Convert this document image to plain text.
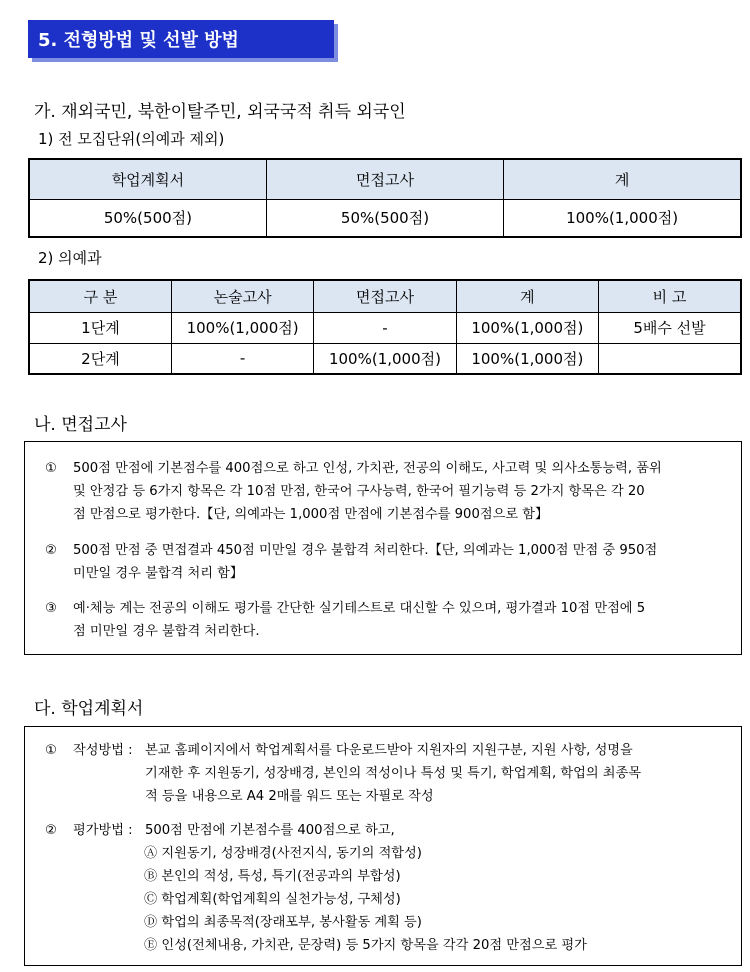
5. 전형방법 및 선발 방법
가. 재외국민, 북한이탈주민, 외국국적 취득 외국인
1) 전 모집단위(의예과 제외)
학업계획서	면접고사	계
50%(500점)	50%(500점)	100%(1,000점)
2) 의예과
구 분	논술고사	면접고사	계	비 고
1단계	100%(1,000점)	-	100%(1,000점)	5배수 선발
2단계	-	100%(1,000점)	100%(1,000점)	
나. 면접고사
① 500점 만점에 기본점수를 400점으로 하고 인성, 가치관, 전공의 이해도, 사고력 및 의사소통능력, 품위
및 안정감 등 6가지 항목은 각 10점 만점, 한국어 구사능력, 한국어 필기능력 등 2가지 항목은 각 20
점 만점으로 평가한다.【단, 의예과는 1,000점 만점에 기본점수를 900점으로 함】
② 500점 만점 중 면접결과 450점 미만일 경우 불합격 처리한다.【단, 의예과는 1,000점 만점 중 950점
미만일 경우 불합격 처리 함】
③ 예·체능 계는 전공의 이해도 평가를 간단한 실기테스트로 대신할 수 있으며, 평가결과 10점 만점에 5
점 미만일 경우 불합격 처리한다.
다. 학업계획서
① 작성방법 : 본교 홈페이지에서 학업계획서를 다운로드받아 지원자의 지원구분, 지원 사항, 성명을
기재한 후 지원동기, 성장배경, 본인의 적성이나 특성 및 특기, 학업계획, 학업의 최종목
적 등을 내용으로 A4 2매를 워드 또는 자필로 작성
② 평가방법 : 500점 만점에 기본점수를 400점으로 하고,
Ⓐ 지원동기, 성장배경(사전지식, 동기의 적합성)
Ⓑ 본인의 적성, 특성, 특기(전공과의 부합성)
Ⓒ 학업계획(학업계획의 실천가능성, 구체성)
Ⓓ 학업의 최종목적(장래포부, 봉사활동 계획 등)
Ⓔ 인성(전체내용, 가치관, 문장력) 등 5가지 항목을 각각 20점 만점으로 평가
